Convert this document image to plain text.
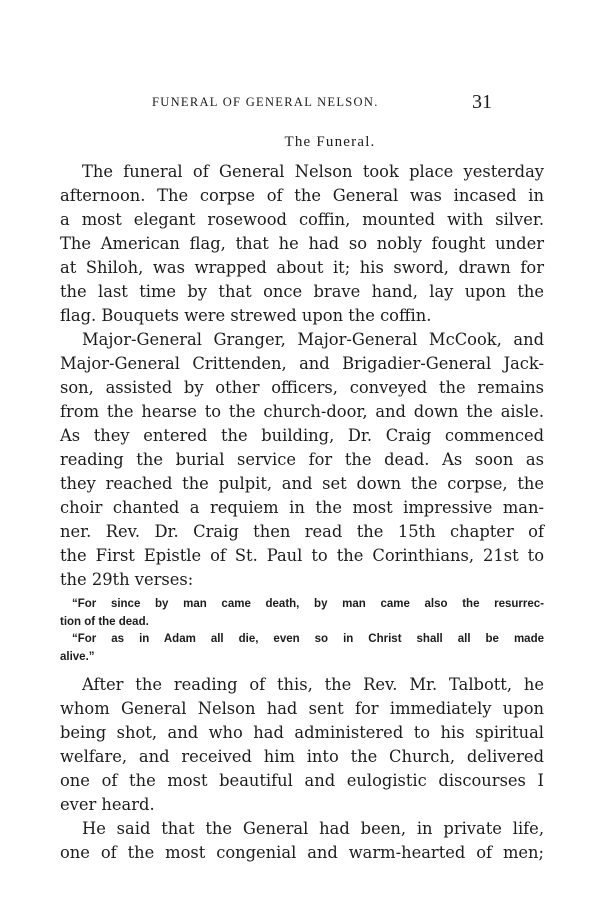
FUNERAL OF GENERAL NELSON.	31
The Funeral.
The funeral of General Nelson took place yesterday
afternoon. The corpse of the General was incased in
a most elegant rosewood coffin, mounted with silver.
The American flag, that he had so nobly fought under
at Shiloh, was wrapped about it; his sword, drawn for
the last time by that once brave hand, lay upon the
flag. Bouquets were strewed upon the coffin.
Major-General Granger, Major-General McCook, and
Major-General Crittenden, and Brigadier-General Jack-
son, assisted by other officers, conveyed the remains
from the hearse to the church-door, and down the aisle.
As they entered the building, Dr. Craig commenced
reading the burial service for the dead. As soon as
they reached the pulpit, and set down the corpse, the
choir chanted a requiem in the most impressive man-
ner. Rev. Dr. Craig then read the 15th chapter of
the First Epistle of St. Paul to the Corinthians, 21st to
the 29th verses:
“For since by man came death, by man came also the resurrec-
tion of the dead.
“For as in Adam all die, even so in Christ shall all be made
alive.”
After the reading of this, the Rev. Mr. Talbott, he
whom General Nelson had sent for immediately upon
being shot, and who had administered to his spiritual
welfare, and received him into the Church, delivered
one of the most beautiful and eulogistic discourses I
ever heard.
He said that the General had been, in private life,
one of the most congenial and warm-hearted of men;
